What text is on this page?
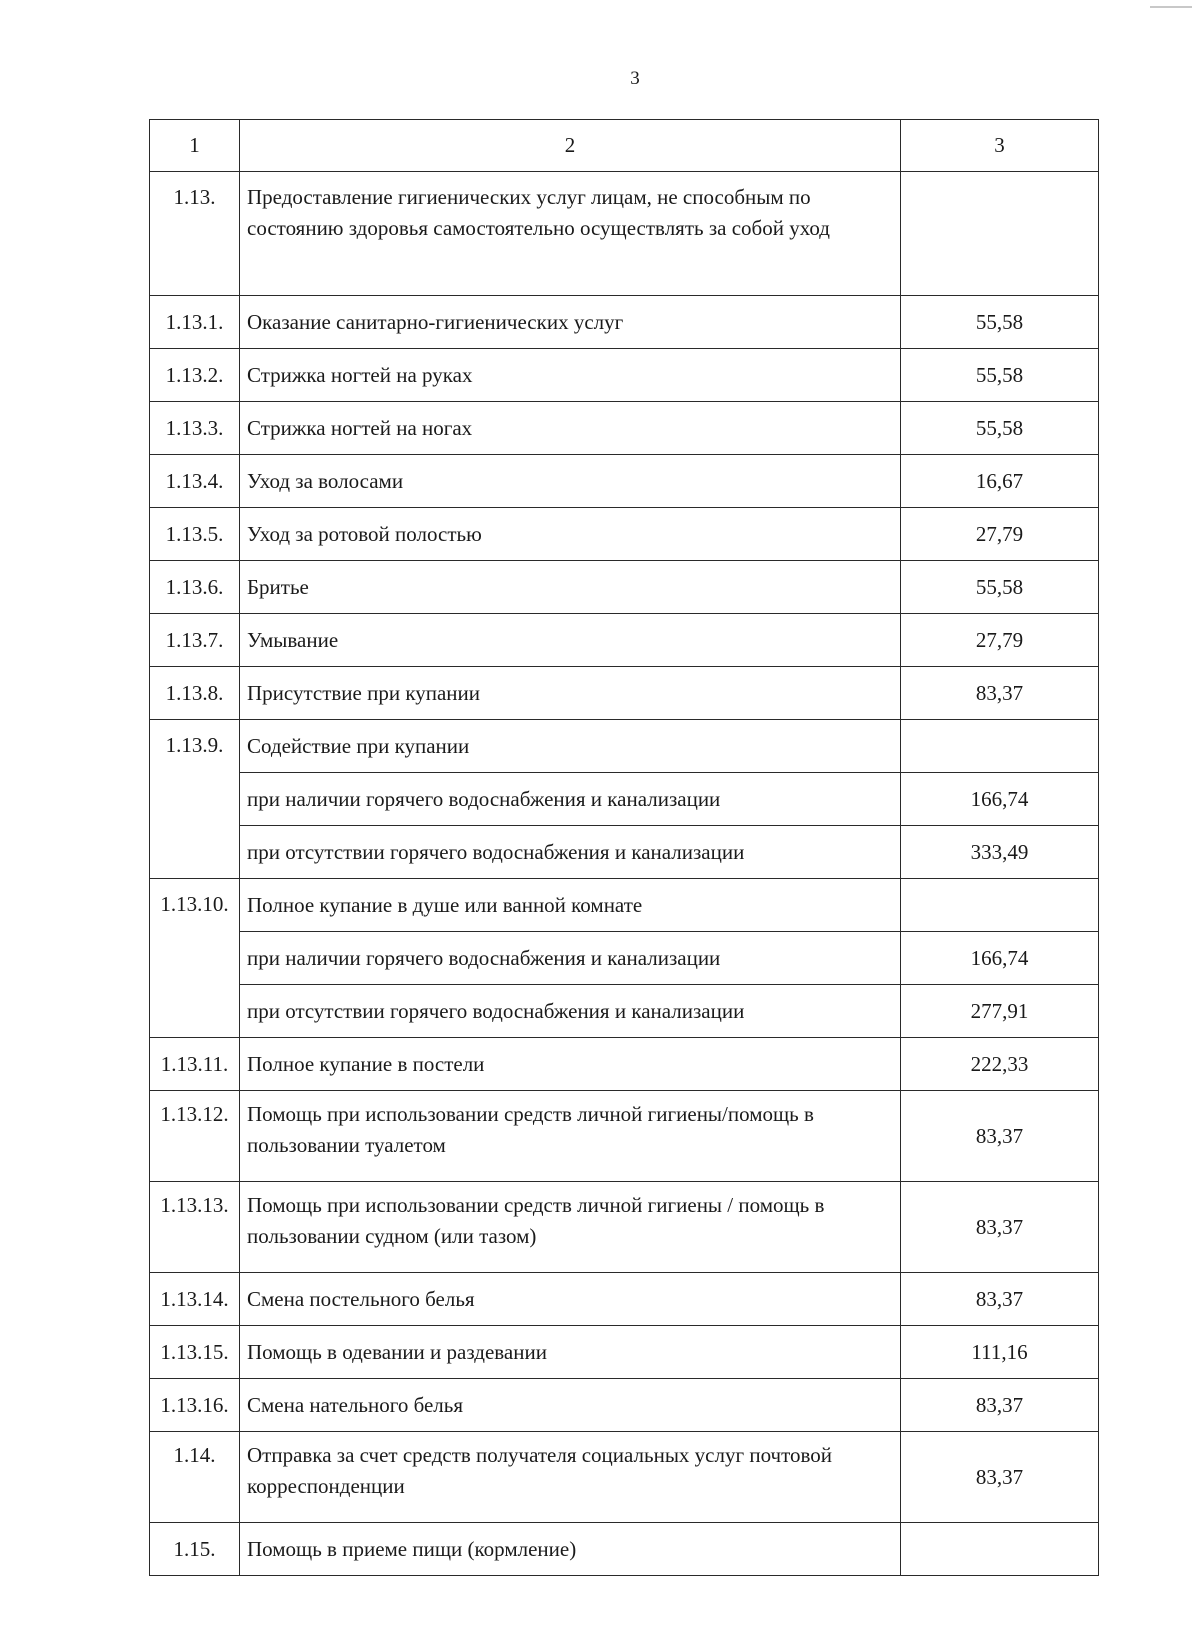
3
1	2	3
1.13.	Предоставление гигиенических услуг лицам, не способным по состоянию здоровья самостоятельно осуществлять за собой уход	
1.13.1.	Оказание санитарно-гигиенических услуг	55,58
1.13.2.	Стрижка ногтей на руках	55,58
1.13.3.	Стрижка ногтей на ногах	55,58
1.13.4.	Уход за волосами	16,67
1.13.5.	Уход за ротовой полостью	27,79
1.13.6.	Бритье	55,58
1.13.7.	Умывание	27,79
1.13.8.	Присутствие при купании	83,37
1.13.9.	Содействие при купании	
	при наличии горячего водоснабжения и канализации	166,74
	при отсутствии горячего водоснабжения и канализации	333,49
1.13.10.	Полное купание в душе или ванной комнате	
	при наличии горячего водоснабжения и канализации	166,74
	при отсутствии горячего водоснабжения и канализации	277,91
1.13.11.	Полное купание в постели	222,33
1.13.12.	Помощь при использовании средств личной гигиены/помощь в пользовании туалетом	83,37
1.13.13.	Помощь при использовании средств личной гигиены / помощь в пользовании судном (или тазом)	83,37
1.13.14.	Смена постельного белья	83,37
1.13.15.	Помощь в одевании и раздевании	111,16
1.13.16.	Смена нательного белья	83,37
1.14.	Отправка за счет средств получателя социальных услуг почтовой корреспонденции	83,37
1.15.	Помощь в приеме пищи (кормление)	
